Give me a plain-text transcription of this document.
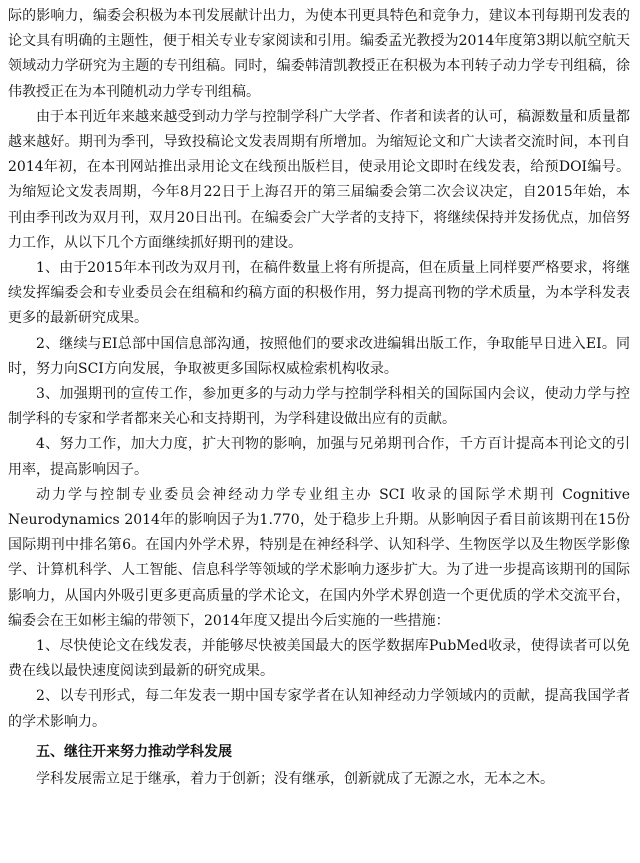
际的影响力，编委会积极为本刊发展献计出力，为使本刊更具特色和竞争力，建议本刊每期刊发表的论文具有明确的主题性，便于相关专业专家阅读和引用。编委孟光教授为2014年度第3期以航空航天领域动力学研究为主题的专刊组稿。同时，编委韩清凯教授正在积极为本刊转子动力学专刊组稿，徐伟教授正在为本刊随机动力学专刊组稿。

由于本刊近年来越来越受到动力学与控制学科广大学者、作者和读者的认可，稿源数量和质量都越来越好。期刊为季刊，导致投稿论文发表周期有所增加。为缩短论文和广大读者交流时间，本刊自2014年初，在本刊网站推出录用论文在线预出版栏目，使录用论文即时在线发表，给预DOI编号。为缩短论文发表周期，今年8月22日于上海召开的第三届编委会第二次会议决定，自2015年始，本刊由季刊改为双月刊，双月20日出刊。在编委会广大学者的支持下，将继续保持并发扬优点，加倍努力工作，从以下几个方面继续抓好期刊的建设。

1、由于2015年本刊改为双月刊，在稿件数量上将有所提高，但在质量上同样要严格要求，将继续发挥编委会和专业委员会在组稿和约稿方面的积极作用，努力提高刊物的学术质量，为本学科发表更多的最新研究成果。

2、继续与EI总部中国信息部沟通，按照他们的要求改进编辑出版工作，争取能早日进入EI。同时，努力向SCI方向发展，争取被更多国际权威检索机构收录。

3、加强期刊的宣传工作，参加更多的与动力学与控制学科相关的国际国内会议，使动力学与控制学科的专家和学者都来关心和支持期刊，为学科建设做出应有的贡献。

4、努力工作，加大力度，扩大刊物的影响，加强与兄弟期刊合作，千方百计提高本刊论文的引用率，提高影响因子。

动力学与控制专业委员会神经动力学专业组主办 SCI 收录的国际学术期刊 Cognitive Neurodynamics 2014年的影响因子为1.770，处于稳步上升期。从影响因子看目前该期刊在15份国际期刊中排名第6。在国内外学术界，特别是在神经科学、认知科学、生物医学以及生物医学影像学、计算机科学、人工智能、信息科学等领域的学术影响力逐步扩大。为了进一步提高该期刊的国际影响力，从国内外吸引更多更高质量的学术论文，在国内外学术界创造一个更优质的学术交流平台，编委会在王如彬主编的带领下，2014年度又提出今后实施的一些措施：

1、尽快使论文在线发表，并能够尽快被美国最大的医学数据库PubMed收录，使得读者可以免费在线以最快速度阅读到最新的研究成果。

2、以专刊形式，每二年发表一期中国专家学者在认知神经动力学领域内的贡献，提高我国学者的学术影响力。

五、继往开来努力推动学科发展

学科发展需立足于继承，着力于创新；没有继承，创新就成了无源之水，无本之木。
